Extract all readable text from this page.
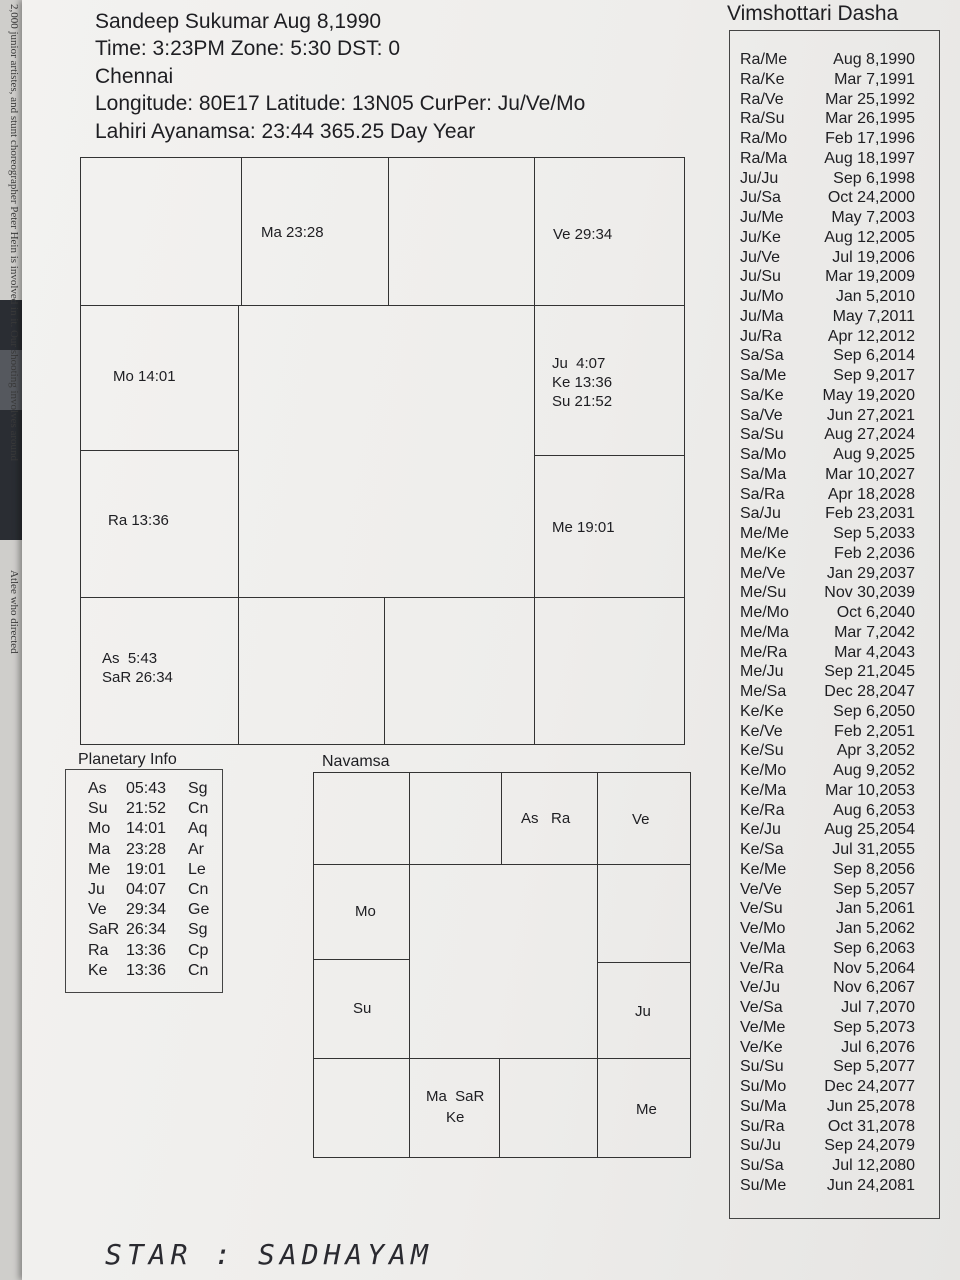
2,000 junior artistes, and stunt choreographer Peter Hein is involved in it. Our shooting involves around
Atlee who directed
Sandeep Sukumar Aug 8,1990
Time: 3:23PM Zone: 5:30 DST: 0
Chennai
Longitude: 80E17 Latitude: 13N05 CurPer: Ju/Ve/Mo
Lahiri Ayanamsa: 23:44 365.25 Day Year
Ma 23:28	Ve 29:34
Mo 14:01
Ju  4:07
Ke 13:36
Su 21:52
Ra 13:36	Me 19:01
As  5:43
SaR 26:34
Planetary Info
As 05:43 Sg
Su 21:52 Cn
Mo 14:01 Aq
Ma 23:28 Ar
Me 19:01 Le
Ju 04:07 Cn
Ve 29:34 Ge
SaR 26:34 Sg
Ra 13:36 Cp
Ke 13:36 Cn
Navamsa
As   Ra	Ve
Mo
Su	Ju
Ma  SaR
Ke	Me
Vimshottari Dasha
Ra/Me	Aug 8,1990
Ra/Ke	Mar 7,1991
Ra/Ve	Mar 25,1992
Ra/Su	Mar 26,1995
Ra/Mo Feb 17,1996
Ra/Ma Aug 18,1997
Ju/Ju	Sep 6,1998
Ju/Sa	Oct 24,2000
Ju/Me	May 7,2003
Ju/Ke	Aug 12,2005
Ju/Ve	Jul 19,2006
Ju/Su	Mar 19,2009
Ju/Mo	Jan 5,2010
Ju/Ma	May 7,2011
Ju/Ra	Apr 12,2012
Sa/Sa	Sep 6,2014
Sa/Me	Sep 9,2017
Sa/Ke May 19,2020
Sa/Ve	Jun 27,2021
Sa/Su	Aug 27,2024
Sa/Mo	Aug 9,2025
Sa/Ma Mar 10,2027
Sa/Ra	Apr 18,2028
Sa/Ju	Feb 23,2031
Me/Me	Sep 5,2033
Me/Ke	Feb 2,2036
Me/Ve	Jan 29,2037
Me/Su Nov 30,2039
Me/Mo	Oct 6,2040
Me/Ma	Mar 7,2042
Me/Ra	Mar 4,2043
Me/Ju	Sep 21,2045
Me/Sa Dec 28,2047
Ke/Ke	Sep 6,2050
Ke/Ve	Feb 2,2051
Ke/Su	Apr 3,2052
Ke/Mo	Aug 9,2052
Ke/Ma Mar 10,2053
Ke/Ra	Aug 6,2053
Ke/Ju	Aug 25,2054
Ke/Sa	Jul 31,2055
Ke/Me	Sep 8,2056
Ve/Ve	Sep 5,2057
Ve/Su	Jan 5,2061
Ve/Mo	Jan 5,2062
Ve/Ma	Sep 6,2063
Ve/Ra	Nov 5,2064
Ve/Ju	Nov 6,2067
Ve/Sa	Jul 7,2070
Ve/Me	Sep 5,2073
Ve/Ke	Jul 6,2076
Su/Su	Sep 5,2077
Su/Mo Dec 24,2077
Su/Ma	Jun 25,2078
Su/Ra	Oct 31,2078
Su/Ju	Sep 24,2079
Su/Sa	Jul 12,2080
Su/Me	Jun 24,2081
STAR : SADHAYAM
